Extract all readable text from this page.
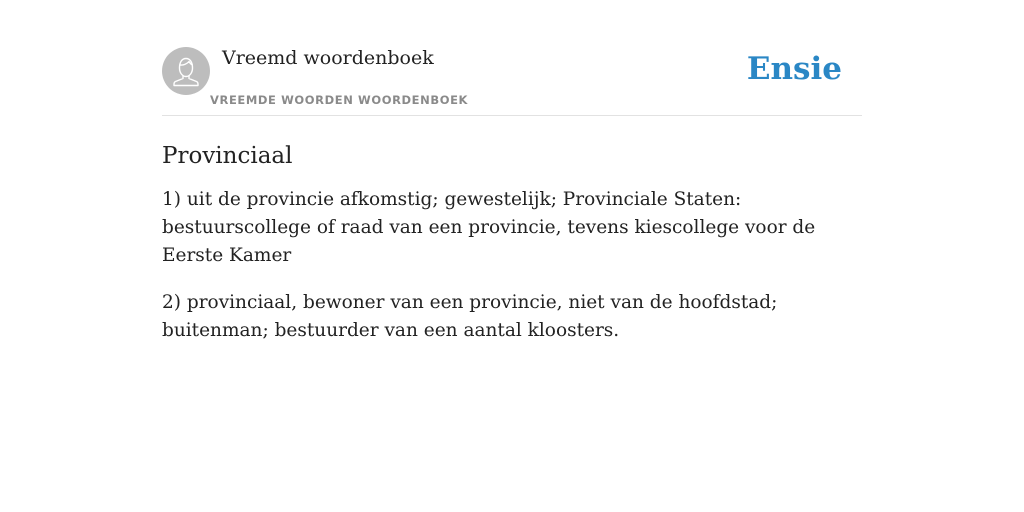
Vreemd woordenboek
VREEMDE WOORDEN WOORDENBOEK
Ensie
Provinciaal

1) uit de provincie afkomstig; gewestelijk; Provinciale Staten: bestuurscollege of raad van een provincie, tevens kiescollege voor de Eerste Kamer

2) provinciaal, bewoner van een provincie, niet van de hoofdstad; buitenman; bestuurder van een aantal kloosters.
